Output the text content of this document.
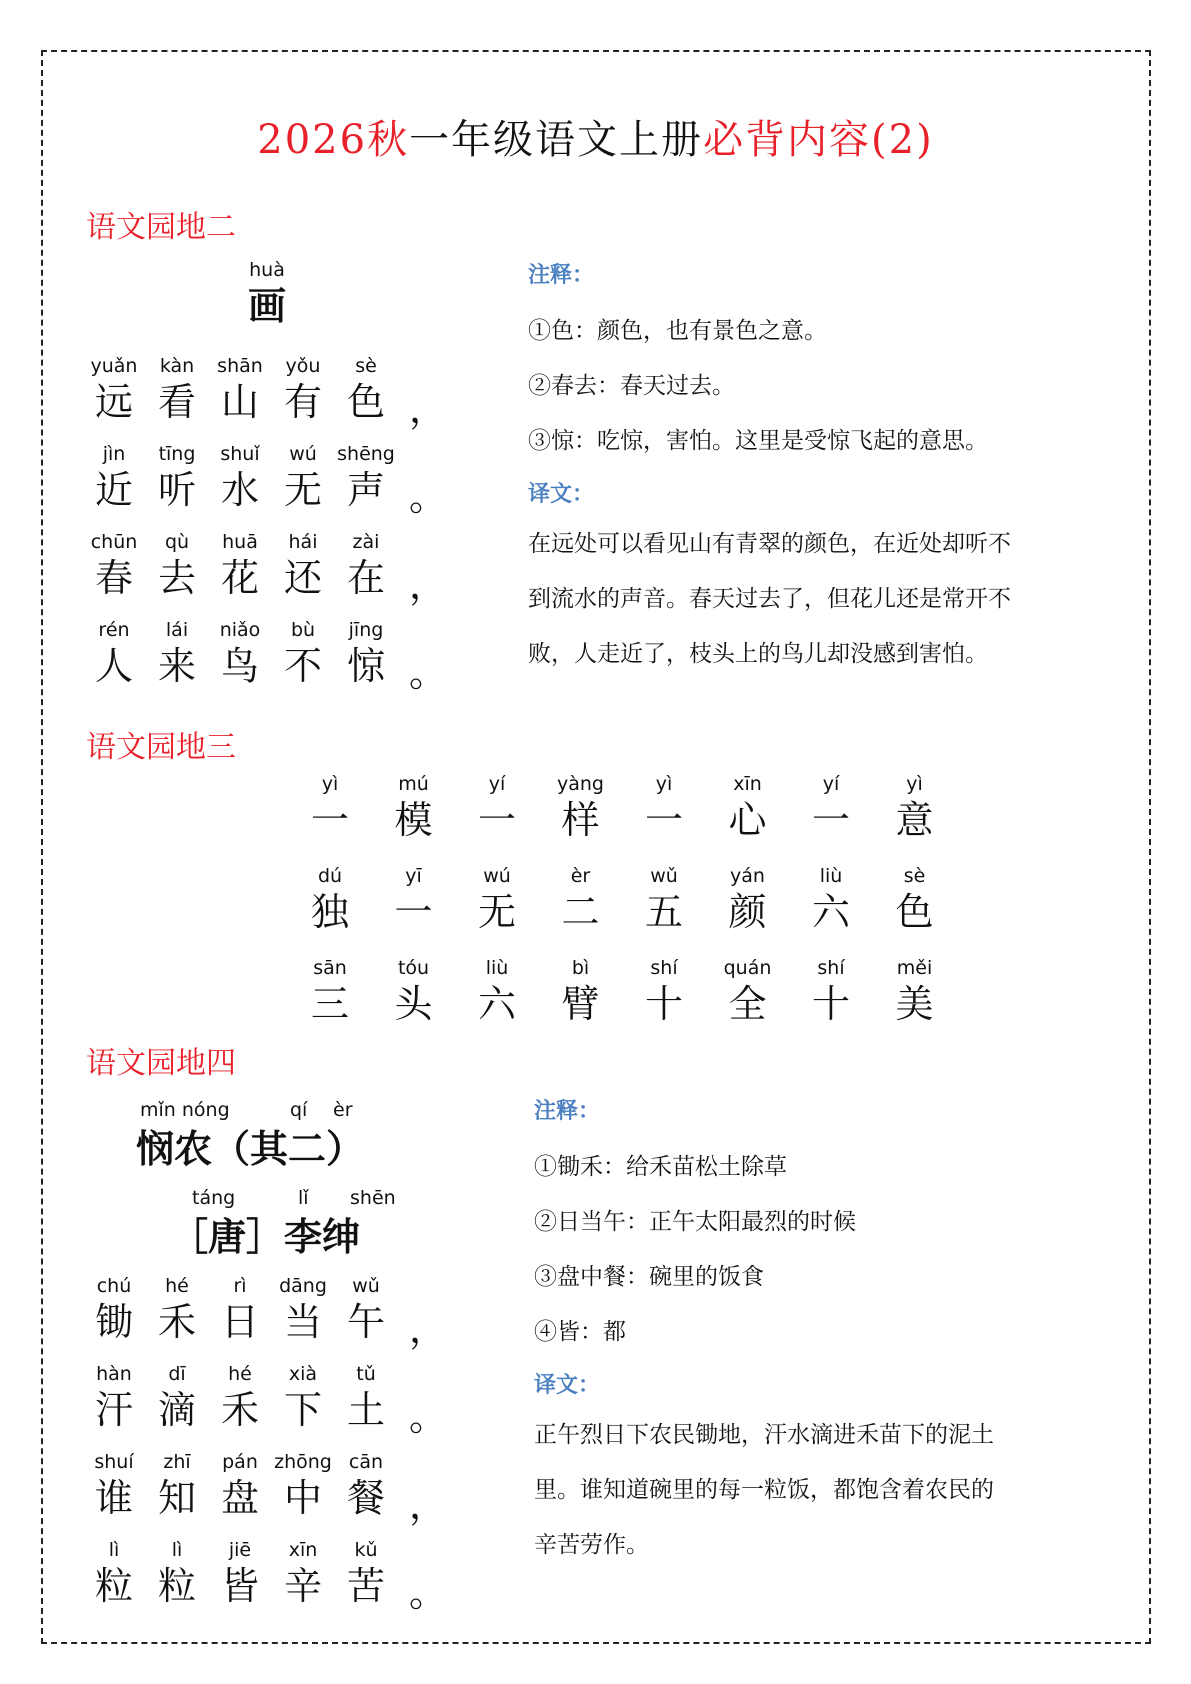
2026秋一年级语文上册必背内容(2)
语文园地二
huà
画
yuǎn
远
kàn
看
shān
山
yǒu
有
sè
色 ，
jìn
近
tīng
听
shuǐ
水
wú
无
shēng
声 。
chūn
春
qù
去
huā
花
hái
还
zài
在 ，
rén
人
lái
来
niǎo
鸟
bù
不
jīng
惊 。
注释：
①色：颜色，也有景色之意。
②春去：春天过去。
③惊：吃惊，害怕。这里是受惊飞起的意思。
译文：
在远处可以看见山有青翠的颜色，在近处却听不
到流水的声音。春天过去了，但花儿还是常开不
败，人走近了，枝头上的鸟儿却没感到害怕。
语文园地三
yì
一
mú
模
yí
一
yàng
样
yì
一
xīn
心
yí
一
yì
意
dú
独
yī
一
wú
无
èr
二
wǔ
五
yán
颜
liù
六
sè
色
sān
三
tóu
头
liù
六
bì
臂
shí
十
quán
全
shí
十
měi
美
语文园地四
mǐn nóng	qí èr
悯农（其二）
táng	lǐ shēn
［唐］李绅
chú
锄
hé
禾
rì
日
dāng
当
wǔ
午 ，
hàn
汗
dī
滴
hé
禾
xià
下
tǔ
土 。
shuí
谁
zhī
知
pán
盘
zhōng
中
cān
餐 ，
lì
粒
lì
粒
jiē
皆
xīn
辛
kǔ
苦 。
注释：
①锄禾：给禾苗松土除草
②日当午：正午太阳最烈的时候
③盘中餐：碗里的饭食
④皆：都
译文：
正午烈日下农民锄地，汗水滴进禾苗下的泥土
里。谁知道碗里的每一粒饭，都饱含着农民的
辛苦劳作。
